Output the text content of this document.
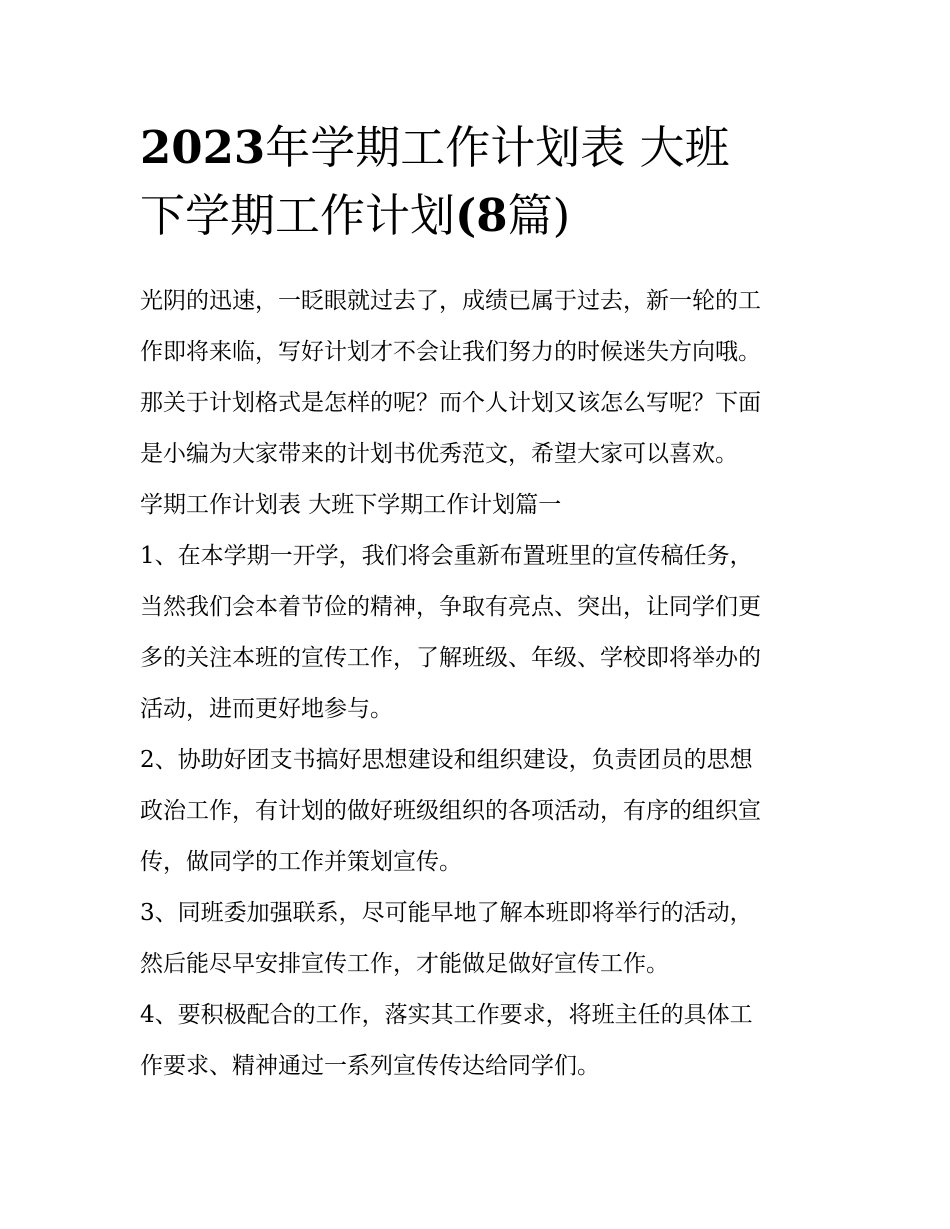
2023年学期工作计划表 大班
下学期工作计划(8篇)
光阴的迅速，一眨眼就过去了，成绩已属于过去，新一轮的工
作即将来临，写好计划才不会让我们努力的时候迷失方向哦。
那关于计划格式是怎样的呢？而个人计划又该怎么写呢？下面
是小编为大家带来的计划书优秀范文，希望大家可以喜欢。
学期工作计划表 大班下学期工作计划篇一
1、在本学期一开学，我们将会重新布置班里的宣传稿任务，
当然我们会本着节俭的精神，争取有亮点、突出，让同学们更
多的关注本班的宣传工作，了解班级、年级、学校即将举办的
活动，进而更好地参与。
2、协助好团支书搞好思想建设和组织建设，负责团员的思想
政治工作，有计划的做好班级组织的各项活动，有序的组织宣
传，做同学的工作并策划宣传。
3、同班委加强联系，尽可能早地了解本班即将举行的活动，
然后能尽早安排宣传工作，才能做足做好宣传工作。
4、要积极配合的工作，落实其工作要求，将班主任的具体工
作要求、精神通过一系列宣传传达给同学们。
